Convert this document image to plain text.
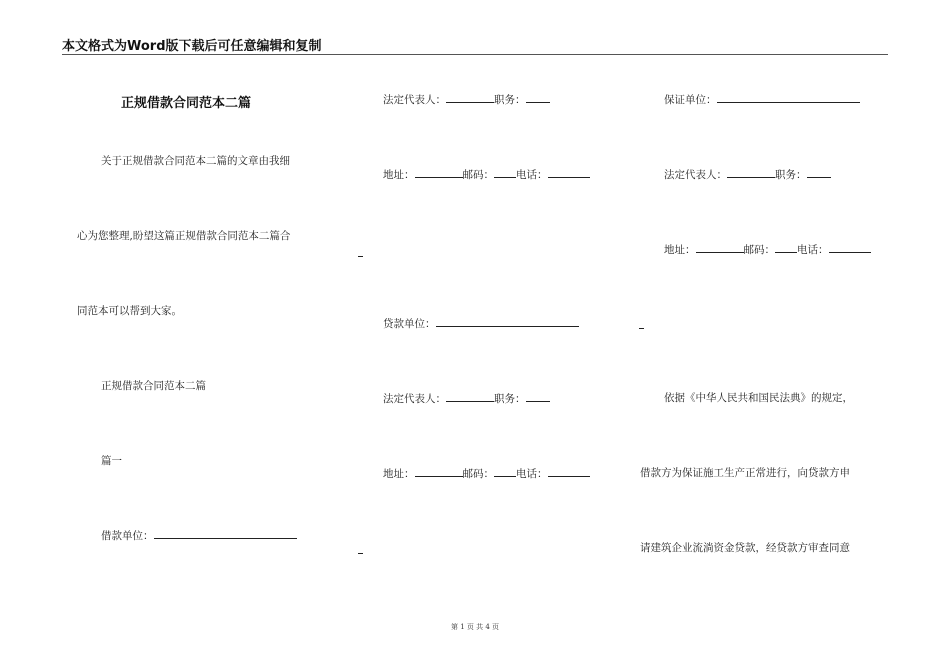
本文格式为Word版下载后可任意编辑和复制
正规借款合同范本二篇
关于正规借款合同范本二篇的文章由我细
心为您整理,盼望这篇正规借款合同范本二篇合
同范本可以帮到大家。
正规借款合同范本二篇
篇一
借款单位：
法定代表人：	职务：
地址：	邮码： 电话：
贷款单位：
法定代表人：	职务：
地址：	邮码： 电话：
保证单位：
法定代表人：	职务：
地址：	邮码： 电话：
依据《中华人民共和国民法典》的规定，
借款方为保证施工生产正常进行，向贷款方申
请建筑企业流淌资金贷款，经贷款方审查同意
第 1 页 共 4 页
